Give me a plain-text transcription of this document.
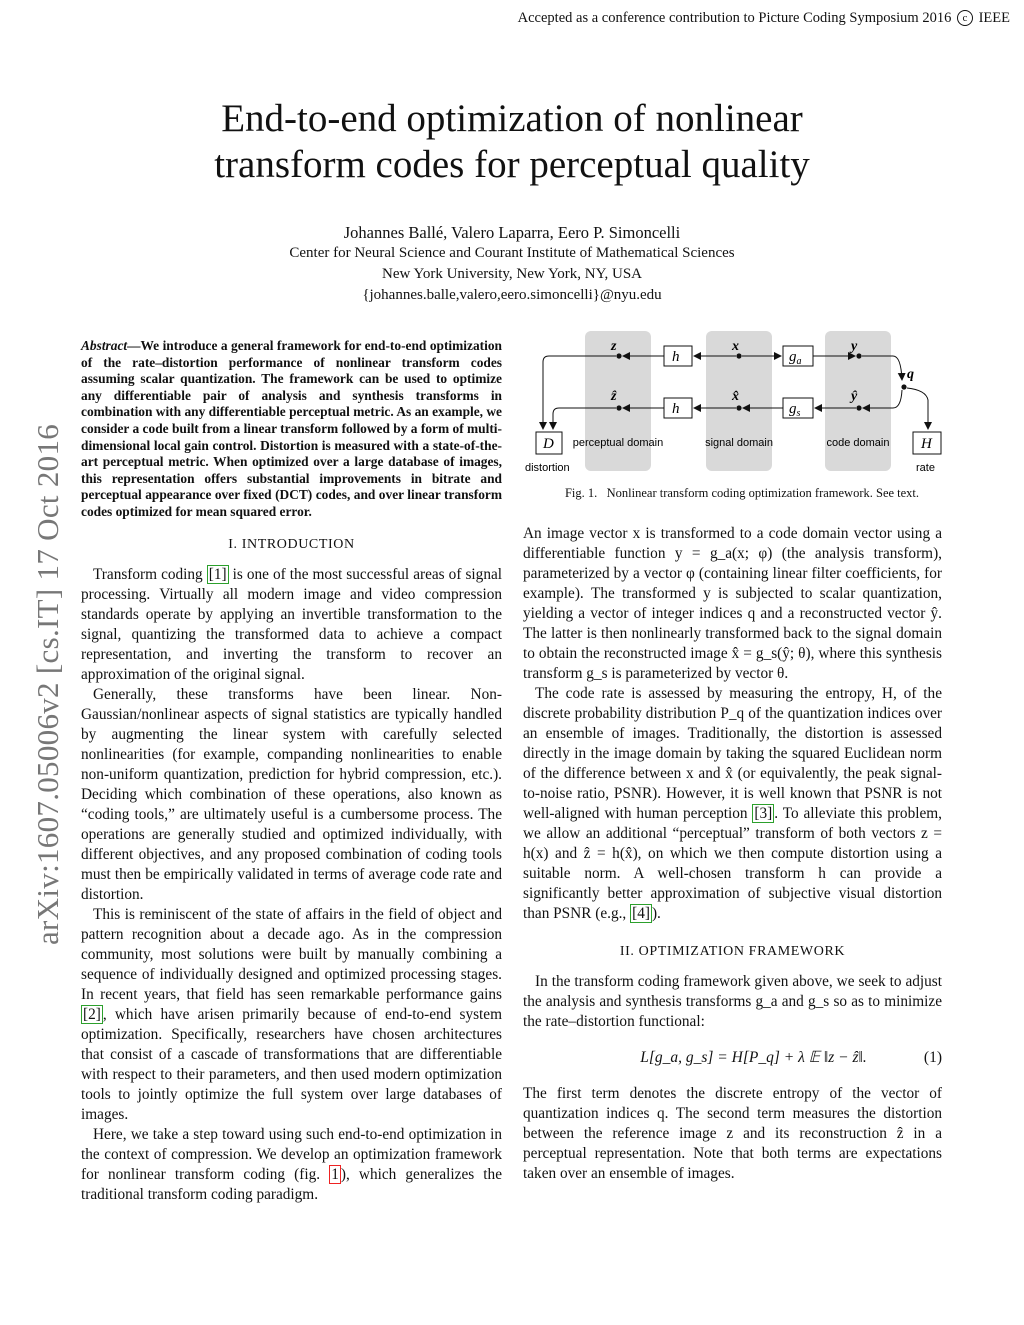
Accepted as a conference contribution to Picture Coding Symposium 2016 c IEEE
arXiv:1607.05006v2 [cs.IT] 17 Oct 2016
End-to-end optimization of nonlinear
transform codes for perceptual quality
Johannes Ballé, Valero Laparra, Eero P. Simoncelli
Center for Neural Science and Courant Institute of Mathematical Sciences
New York University, New York, NY, USA
{johannes.balle,valero,eero.simoncelli}@nyu.edu

Abstract—We introduce a general framework for end-to-end optimization of the rate–distortion performance of nonlinear transform codes assuming scalar quantization. The framework can be used to optimize any differentiable pair of analysis and synthesis transforms in combination with any differentiable perceptual metric. As an example, we consider a code built from a linear transform followed by a form of multi-dimensional local gain control. Distortion is measured with a state-of-the-art perceptual metric. When optimized over a large database of images, this representation offers substantial improvements in bitrate and perceptual appearance over fixed (DCT) codes, and over linear transform codes optimized for mean squared error.

I. INTRODUCTION

Transform coding [1] is one of the most successful areas of signal processing. Virtually all modern image and video compression standards operate by applying an invertible transformation to the signal, quantizing the transformed data to achieve a compact representation, and inverting the transform to recover an approximation of the original signal.

Generally, these transforms have been linear. Non-Gaussian/nonlinear aspects of signal statistics are typically handled by augmenting the linear system with carefully selected nonlinearities (for example, companding nonlinearities to enable non-uniform quantization, prediction for hybrid compression, etc.). Deciding which combination of these operations, also known as “coding tools,” are ultimately useful is a cumbersome process. The operations are generally studied and optimized individually, with different objectives, and any proposed combination of coding tools must then be empirically validated in terms of average code rate and distortion.

This is reminiscent of the state of affairs in the field of object and pattern recognition about a decade ago. As in the compression community, most solutions were built by manually combining a sequence of individually designed and optimized processing stages. In recent years, that field has seen remarkable performance gains [2] , which have arisen primarily because of end-to-end system optimization. Specifically, researchers have chosen architectures that consist of a cascade of transformations that are differentiable with respect to their parameters, and then used modern optimization tools to jointly optimize the full system over large databases of images.

Here, we take a step toward using such end-to-end optimization in the context of compression. We develop an optimization framework for nonlinear transform coding (fig. 1 ), which generalizes the traditional transform coding paradigm.

z	x	y
ẑ	x̂	ŷ
q
h
h
$g_a$
$g_s$
D
distortion
H
rate
perceptual domain	signal domain	code domain
Fig. 1. Nonlinear transform coding optimization framework. See text.

An image vector x is transformed to a code domain vector using a differentiable function y = g_a(x; φ) (the analysis transform), parameterized by a vector φ (containing linear filter coefficients, for example). The transformed y is subjected to scalar quantization, yielding a vector of integer indices q and a reconstructed vector ŷ. The latter is then nonlinearly transformed back to the signal domain to obtain the reconstructed image x̂ = g_s(ŷ; θ), where this synthesis transform g_s is parameterized by vector θ.

The code rate is assessed by measuring the entropy, H, of the discrete probability distribution P_q of the quantization indices over an ensemble of images. Traditionally, the distortion is assessed directly in the image domain by taking the squared Euclidean norm of the difference between x and x̂ (or equivalently, the peak signal-to-noise ratio, PSNR). However, it is well known that PSNR is not well-aligned with human perception [3] . To alleviate this problem, we allow an additional “perceptual” transform of both vectors z = h(x) and ẑ = h(x̂), on which we then compute distortion using a suitable norm. A well-chosen transform h can provide a significantly better approximation of subjective visual distortion than PSNR (e.g., [4] ).

II. OPTIMIZATION FRAMEWORK

In the transform coding framework given above, we seek to adjust the analysis and synthesis transforms g_a and g_s so as to minimize the rate–distortion functional:

L[g_a, g_s] = H[P_q] + λ 𝔼 ‖z − ẑ‖.	(1)

The first term denotes the discrete entropy of the vector of quantization indices q. The second term measures the distortion between the reference image z and its reconstruction ẑ in a perceptual representation. Note that both terms are expectations taken over an ensemble of images.
